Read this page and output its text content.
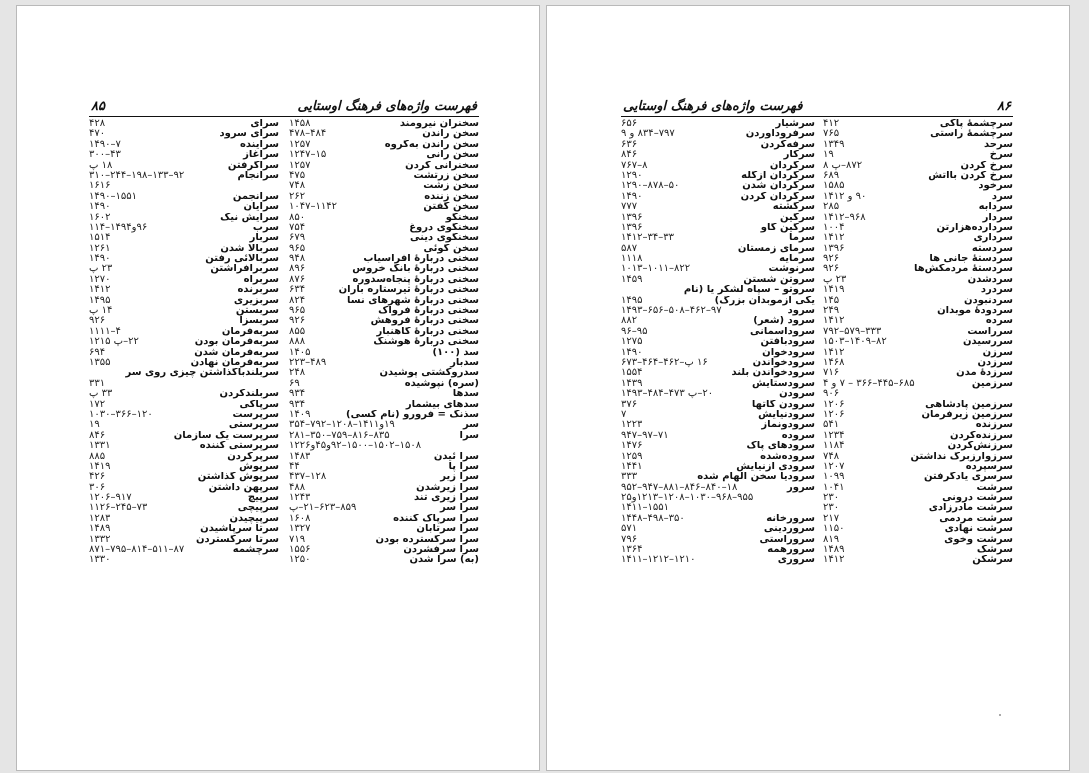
۸۵	فهرست واژه‌های فرهنگ اوستایی
سخنران نیرومند
۱۴۵۸
سخن راندن
۴۸۴–۴۷۸
سخن راندن به‌گروه
۱۲۵۷
سخن رانی
۱۵–۱۲۴۷
سخنرانی کردن
۱۲۵۷
سخن زرتشت
۴۷۵
سخن زشت
۷۴۸
سخن زننده
۲۶۲
سخن گفتن
۱۱۴۲–۱۰۴۷
سخنگو
۸۵۰
سخنگوی دروغ
۷۵۴
سخنگوی دینی
۶۷۹
سخن گوئی
۹۶۵
سخنی دربارهٔ افراسیاب
۹۴۸
سخنی دربارهٔ بانگ خروس
۸۹۶
سخنی دربارهٔ پنجاه‌سدوره
۸۷۶
سخنی دربارهٔ تیرستاره باران
۶۳۴
سخنی دربارهٔ شهرهای نسا
۸۲۴
سخنی دربارهٔ فرواک
۹۶۵
سخنی دربارهٔ فروهش
۹۲۶
سخنی دربارهٔ گاهنبار
۸۵۵
سخنی دربارهٔ هوشنگ
۸۸۸
سد (۱۰۰)
۱۴۰۵
سدبار
۴۸۹–۲۲۳
سدروکشتی پوشیدن
۲۴۸
(سره) نپوشیده
۶۹
سدها
۹۳۴
سدهای بیشمار
۹۳۴
سذنگ = فرورو (نام کسی)
۱۴۰۹
سر
۱۹و۱۴۱۱–۱۲۰۸–۷۹۲–۳۵۴
سرا
۸۳۵–۸۱۶–۷۵۹–۳۵۰–۲۸۱
۱۵۰۸–۱۵۰۲–۱۵۰۰–۹۲و۴۵و۱۲۲۶
سرا ئیدن
۱۴۸۳
سرا پا
۴۴
سرا زیر
۱۲۸–۴۳۷
سرا زیرشدن
۴۸۸
سرا زیری تند
۱۲۴۳
سرا سر
۸۵۹–۶۲۳–۲۱–پ
سرا سرپاک کننده
۱۶۰۸
سرا سرتابان
۱۳۲۷
سرا سرگسترده بودن
۷۱۹
سرا سرفشردن
۱۵۵۶
(به) سرا شدن
۱۲۵۰
سرای
۴۲۸
سرای سرود
۴۷۰
سراینده
۷–۱۴۹۰
سرآغاز
۴۳–۳۰۰
سراگرفتن
۱۸ پ
سرانجام
۹۲–۱۳۳–۱۹۸–۲۴۴–۳۱۰
۱۶۱۶
سرانجمن
۱۵۵۱–۱۴۹۰
سرایان
۱۴۹۰
سرایش نیک
۱۶۰۲
سرب
۹۶و۱۴۹۴–۱۱۴
سربار
۱۵۱۴
سربالا شدن
۱۲۶۱
سربالائی رفتن
۱۴۹۰
سربرافراشتن
۲۳ پ
سربراه
۱۲۷۰
سربرنده
۱۴۱۲
سربزیری
۱۴۹۵
سربستن
۱۴ پ
سربسزا
۹۲۶
سربه‌فرمان
۴–۱۱۱۱
سربه‌فرمان بودن
۲۲–پ ۱۲۱۵
سربه‌فرمان شدن
۶۹۴
سربه‌فرمان نهادن
۱۳۵۵
سربلندباگذاشتن چیزی روی سر
۳۳۱
سربلندکردن
۳۳ پ
سرپاکی
۱۷۲
سرپرست
۱۲۰–۳۶۶–۱۰۳۰
سرپرستی
۱۹
سرپرست یک سازمان
۸۴۶
سرپرستی کننده
۱۳۳۱
سرپرکردن
۸۸۵
سرپوش
۱۴۱۹
سرپوش گذاشتن
۴۲۶
سرپهن داشتن
۳۰۶
سرپیچ
۹۱۷–۱۲۰۶
سرپیچی
۷۳–۲۴۵–۱۱۲۶
سرپیچیدن
۱۲۸۳
سرتا سرپاشیدن
۱۴۸۹
سرتا سرگستردن
۱۳۳۲
سرچشمه
۸۷–۵۱۱–۸۱۴–۷۹۵–۸۷۱
۱۳۳۰
فهرست واژه‌های فرهنگ اوستایی	۸۶
سرچشمهٔ پاکی
۴۱۲
سرچشمهٔ راستی
۷۶۵
سرحد
۱۳۴۹
سرخ
۱۹
سرخ کردن
۸۷۲–پ ۸
سرخ کردن باآتش
۶۸۹
سرخود
۱۵۸۵
سرد
۹۰ و ۱۴۱۲
سردابه
۲۸۵
سردار
۹۶۸–۱۴۱۲
سردارده‌هزارتن
۱۰۰۴
سرداری
۱۴۱۲
سردسته
۱۳۹۶
سردستهٔ جانی ها
۹۲۶
سردستهٔ مردمکش‌ها
۹۲۶
سردشدن
۲۳ پ
سردرد
۱۴۱۹
سردنبودن
۱۴۵
سردودهٔ موبدان
۲۴۹
سرده
۱۴۱۲
سرراست
۳۳۳–۵۷۹–۷۹۲
سررسیدن
۸۲–۱۴۰۹–۱۵۰۳
سرزن
۱۴۱۲
سرزدن
۱۴۶۸
سرزدهٔ مدن
۷۱۶
سرزمین
۶۸۵–۴۴۵–۳۶۶ – ۷ و ۴
۹۰۶
سرزمین پادشاهی
۱۲۰۶
سرزمین زیرفرمان
۱۲۰۶
سرزنده
۵۴۱
سرزنده‌کردن
۱۲۳۴
سرزنش‌کردن
۱۱۸۴
سرزوارزبرگ نداشتن
۷۴۸
سرسپرده
۱۲۰۷
سرسری یادگرفتن
۱۰۹۹
سرشت
۱۰۴۱
سرشت درونی
۲۳۰
سرشت مادرزادی
۲۳۰
سرشت مردمی
۲۱۷
سرشت نهادی
۱۱۵۰
سرشت وخوی
۸۱۹
سرشک
۱۴۸۹
سرشکن
۱۴۱۲
سرشیار
۶۵۶
سرفرودآوردن
۷۹۷–۸۳۴ و ۹
سرفه‌کردن
۶۳۶
سرکار
۸۴۶
سرگردان
۸–۷۶۷
سرگردان ازگله
۱۲۹۰
سرگردان شدن
۵۰–۸۷۸–۱۲۹۰
سرگردان کردن
۱۴۹۰
سرگشته
۷۷۷
سرگین
۱۳۹۶
سرگین گاو
۱۳۹۶
سرما
۳۳–۳۴–۱۴۱۲
سرمای زمستان
۵۸۷
سرمایه
۱۱۱۸
سرنوشت
۸۲۲–۱۰۱۱–۱۰۱۳
سروتن شستن
۱۴۵۹
سروتو – سپاه لشکر یا (نام
یکی ازموبدان بزرگ)
۱۴۹۵
سرود
۹۷–۴۶۲–۵۰۸–۶۵۶–۱۴۹۳
سرود (شعر)
۸۸۲
سرودآسمانی
۹۵–۹۶
سرودبافتن
۱۲۷۵
سرودخوان
۱۴۹۰
سرودخواندن
۱۶ پ–۴۶۲–۴۶۴–۶۷۳
سرودخواندن بلند
۱۵۵۴
سرودستایش
۱۴۳۹
سرودن
۲۰–پ ۴۷۳–۴۸۴–۱۴۹۳
سرودن گاتها
۳۷۶
سرودنیایش
۷
سرودونماز
۱۲۲۳
سروده
۷۱–۹۷–۹۴۷
سرودهای پاک
۱۴۷۶
سروده‌شده
۱۲۵۹
سرودی ازنیایش
۱۴۴۱
سرودیا سخن الهام شده
۳۳۳
سرور
۱۸–۸۴۰–۸۴۶–۸۸۱–۹۴۷–۹۵۲
۹۵۵–۹۶۸–۱۰۳۰–۱۲۰۸–۱۲۱۳و۲۵
۱۵۵۱–۱۴۱۱
سرورخانه
۳۵۰–۴۹۸–۱۴۴۸
سروردینی
۵۷۱
سروراستی
۷۹۶
سرورهمه
۱۳۶۴
سروری
۱۲۱۰–۱۲۱۲–۱۴۱۱
